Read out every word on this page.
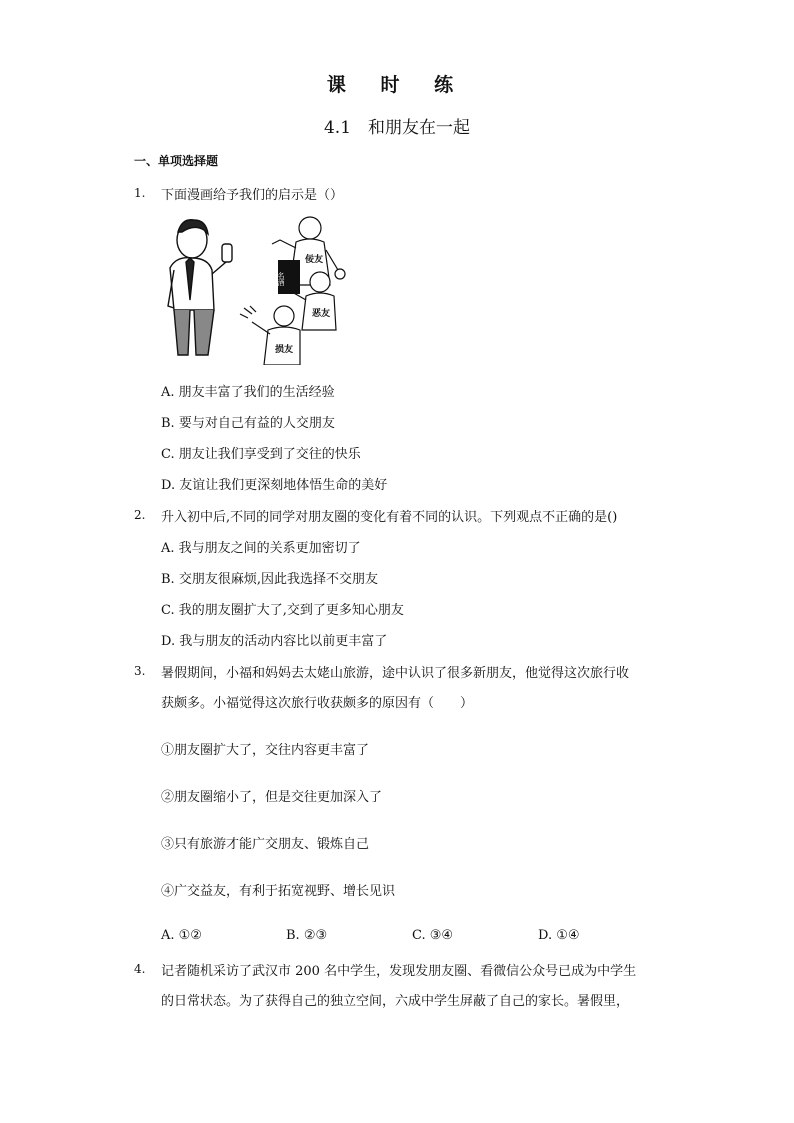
课 时 练
4.1　和朋友在一起
一、单项选择题
1. 下面漫画给予我们的启示是（）
佞友
名酒
恶友
损友
A. 朋友丰富了我们的生活经验
B. 要与对自己有益的人交朋友
C. 朋友让我们享受到了交往的快乐
D. 友谊让我们更深刻地体悟生命的美好
2. 升入初中后,不同的同学对朋友圈的变化有着不同的认识。下列观点不正确的是()
A. 我与朋友之间的关系更加密切了
B. 交朋友很麻烦,因此我选择不交朋友
C. 我的朋友圈扩大了,交到了更多知心朋友
D. 我与朋友的活动内容比以前更丰富了
3. 暑假期间，小福和妈妈去太姥山旅游，途中认识了很多新朋友，他觉得这次旅行收
获颇多。小福觉得这次旅行收获颇多的原因有（　　）
①朋友圈扩大了，交往内容更丰富了
②朋友圈缩小了，但是交往更加深入了
③只有旅游才能广交朋友、锻炼自己
④广交益友，有利于拓宽视野、增长见识
A. ①②	B. ②③	C. ③④	D. ①④
4. 记者随机采访了武汉市 200 名中学生，发现发朋友圈、看微信公众号已成为中学生
的日常状态。为了获得自己的独立空间，六成中学生屏蔽了自己的家长。暑假里，
